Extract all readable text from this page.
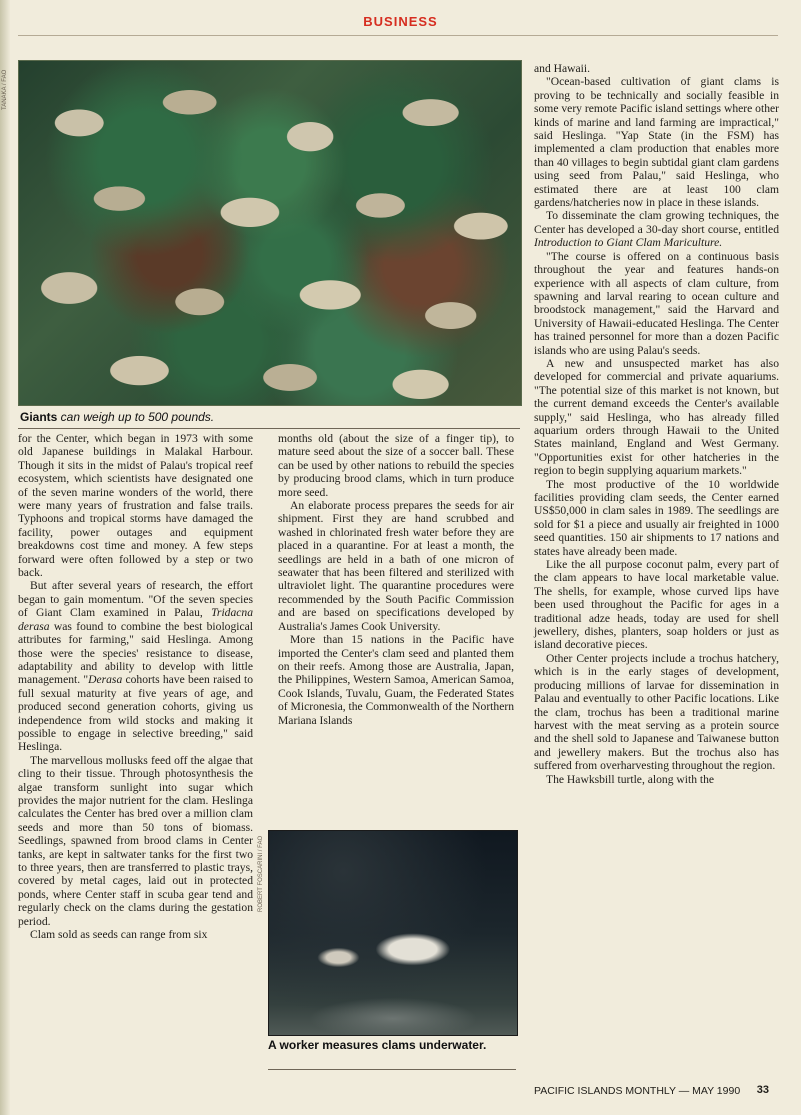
BUSINESS
TANAKA / FAO
Giants can weigh up to 500 pounds.

for the Center, which began in 1973 with some old Japanese buildings in Malakal Harbour. Though it sits in the midst of Palau's tropical reef ecosystem, which scientists have designated one of the seven marine wonders of the world, there were many years of frustration and false trails. Typhoons and tropical storms have damaged the facility, power outages and equipment breakdowns cost time and money. A few steps forward were often followed by a step or two back.

But after several years of research, the effort began to gain momentum. "Of the seven species of Giant Clam examined in Palau, Tridacna derasa was found to combine the best biological attributes for farming," said Heslinga. Among those were the species' resistance to disease, adaptability and ability to develop with little management. "Derasa cohorts have been raised to full sexual maturity at five years of age, and produced second generation cohorts, giving us independence from wild stocks and making it possible to engage in selective breeding," said Heslinga.

The marvellous mollusks feed off the algae that cling to their tissue. Through photosynthesis the algae transform sunlight into sugar which provides the major nutrient for the clam. Heslinga calculates the Center has bred over a million clam seeds and more than 50 tons of biomass. Seedlings, spawned from brood clams in Center tanks, are kept in saltwater tanks for the first two to three years, then are transferred to plastic trays, covered by metal cages, laid out in protected ponds, where Center staff in scuba gear tend and regularly check on the clams during the gestation period.

Clam sold as seeds can range from six

months old (about the size of a finger tip), to mature seed about the size of a soccer ball. These can be used by other nations to rebuild the species by producing brood clams, which in turn produce more seed.

An elaborate process prepares the seeds for air shipment. First they are hand scrubbed and washed in chlorinated fresh water before they are placed in a quarantine. For at least a month, the seedlings are held in a bath of one micron of seawater that has been filtered and sterilized with ultraviolet light. The quarantine procedures were recommended by the South Pacific Commission and are based on specifications developed by Australia's James Cook University.

More than 15 nations in the Pacific have imported the Center's clam seed and planted them on their reefs. Among those are Australia, Japan, the Philippines, Western Samoa, American Samoa, Cook Islands, Tuvalu, Guam, the Federated States of Micronesia, the Commonwealth of the Northern Mariana Islands

ROBERT FOSCARINI / FAO
A worker measures clams underwater.

and Hawaii.

"Ocean-based cultivation of giant clams is proving to be technically and socially feasible in some very remote Pacific island settings where other kinds of marine and land farming are impractical," said Heslinga. "Yap State (in the FSM) has implemented a clam production that enables more than 40 villages to begin subtidal giant clam gardens using seed from Palau," said Heslinga, who estimated there are at least 100 clam gardens/hatcheries now in place in these islands.

To disseminate the clam growing techniques, the Center has developed a 30-day short course, entitled Introduction to Giant Clam Mariculture.

"The course is offered on a continuous basis throughout the year and features hands-on experience with all aspects of clam culture, from spawning and larval rearing to ocean culture and broodstock management," said the Harvard and University of Hawaii-educated Heslinga. The Center has trained personnel for more than a dozen Pacific islands who are using Palau's seeds.

A new and unsuspected market has also developed for commercial and private aquariums. "The potential size of this market is not known, but the current demand exceeds the Center's available supply," said Heslinga, who has already filled aquarium orders through Hawaii to the United States mainland, England and West Germany. "Opportunities exist for other hatcheries in the region to begin supplying aquarium markets."

The most productive of the 10 worldwide facilities providing clam seeds, the Center earned US$50,000 in clam sales in 1989. The seedlings are sold for $1 a piece and usually air freighted in 1000 seed quantities. 150 air shipments to 17 nations and states have already been made.

Like the all purpose coconut palm, every part of the clam appears to have local marketable value. The shells, for example, whose curved lips have been used throughout the Pacific for ages in a traditional adze heads, today are used for shell jewellery, dishes, planters, soap holders or just as island decorative pieces.

Other Center projects include a trochus hatchery, which is in the early stages of development, producing millions of larvae for dissemination in Palau and eventually to other Pacific locations. Like the clam, trochus has been a traditional marine harvest with the meat serving as a protein source and the shell sold to Japanese and Taiwanese button and jewellery makers. But the trochus also has suffered from overharvesting throughout the region.

The Hawksbill turtle, along with the

PACIFIC ISLANDS MONTHLY — MAY 1990 33
